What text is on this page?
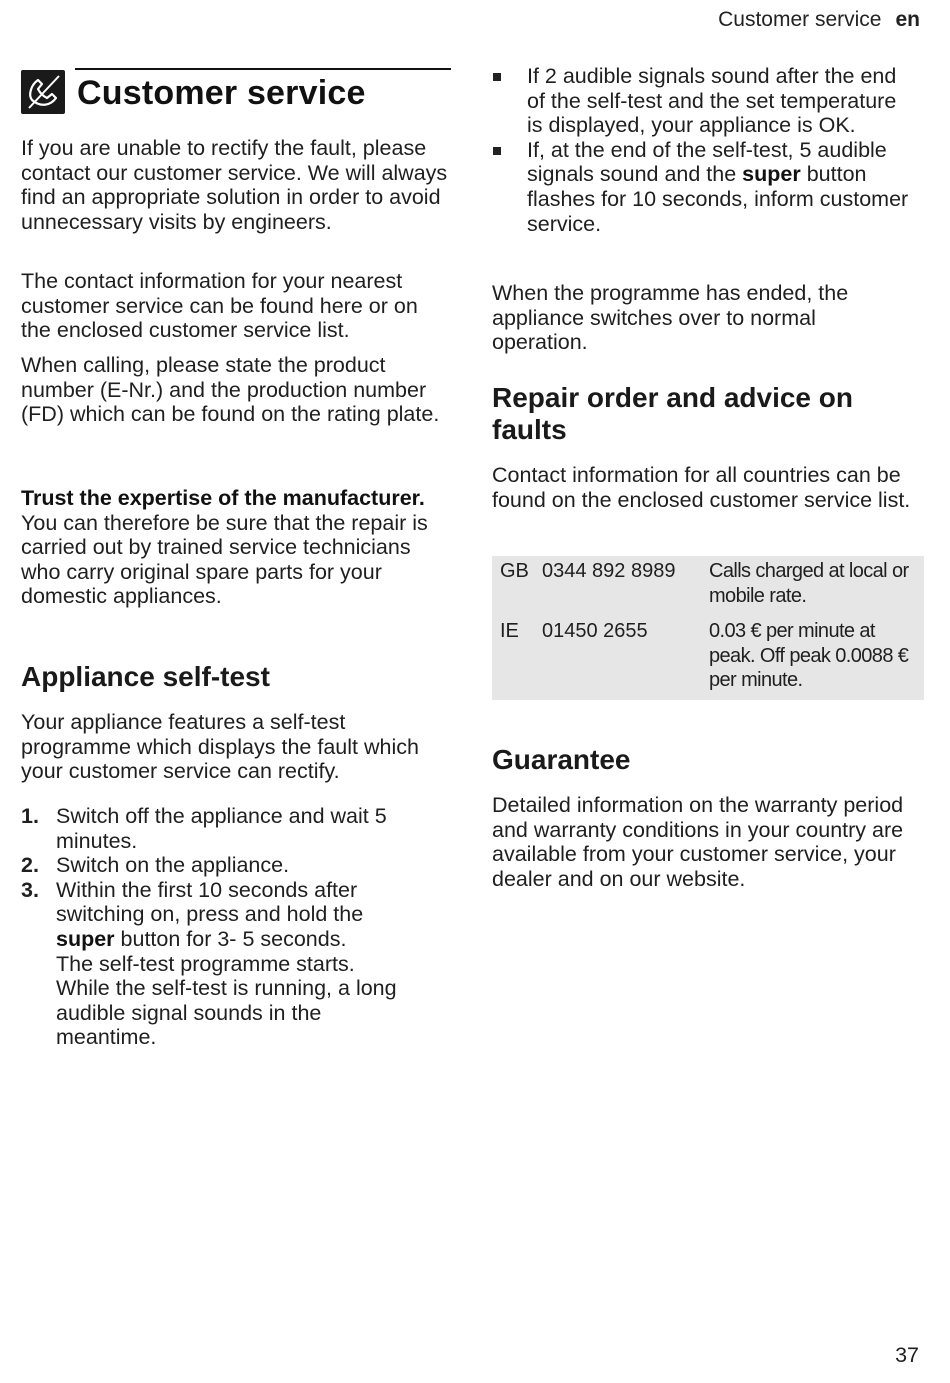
Customer service en
Customer service

If you are unable to rectify the fault, please contact our customer service. We will always find an appropriate solution in order to avoid unnecessary visits by engineers.

The contact information for your nearest customer service can be found here or on the enclosed customer service list.

When calling, please state the product number (E-Nr.) and the production number (FD) which can be found on the rating plate.

Trust the expertise of the manufacturer. You can therefore be sure that the repair is carried out by trained service technicians who carry original spare parts for your domestic appliances.

Appliance self-test

Your appliance features a self-test programme which displays the fault which your customer service can rectify.

1. Switch off the appliance and wait 5 minutes.
2. Switch on the appliance.
3. Within the first 10 seconds after switching on, press and hold the super button for 3- 5 seconds.
The self-test programme starts.
While the self-test is running, a long audible signal sounds in the meantime.
If 2 audible signals sound after the end of the self-test and the set temperature is displayed, your appliance is OK.
If, at the end of the self-test, 5 audible signals sound and the super button flashes for 10 seconds, inform customer service.

When the programme has ended, the appliance switches over to normal operation.

Repair order and advice on faults

Contact information for all countries can be found on the enclosed customer service list.

GB	0344 892 8989	Calls charged at local or mobile rate.
IE	01450 2655	0.03 € per minute at peak. Off peak 0.0088 € per minute.
Guarantee

Detailed information on the warranty period and warranty conditions in your country are available from your customer service, your dealer and on our website.

37
